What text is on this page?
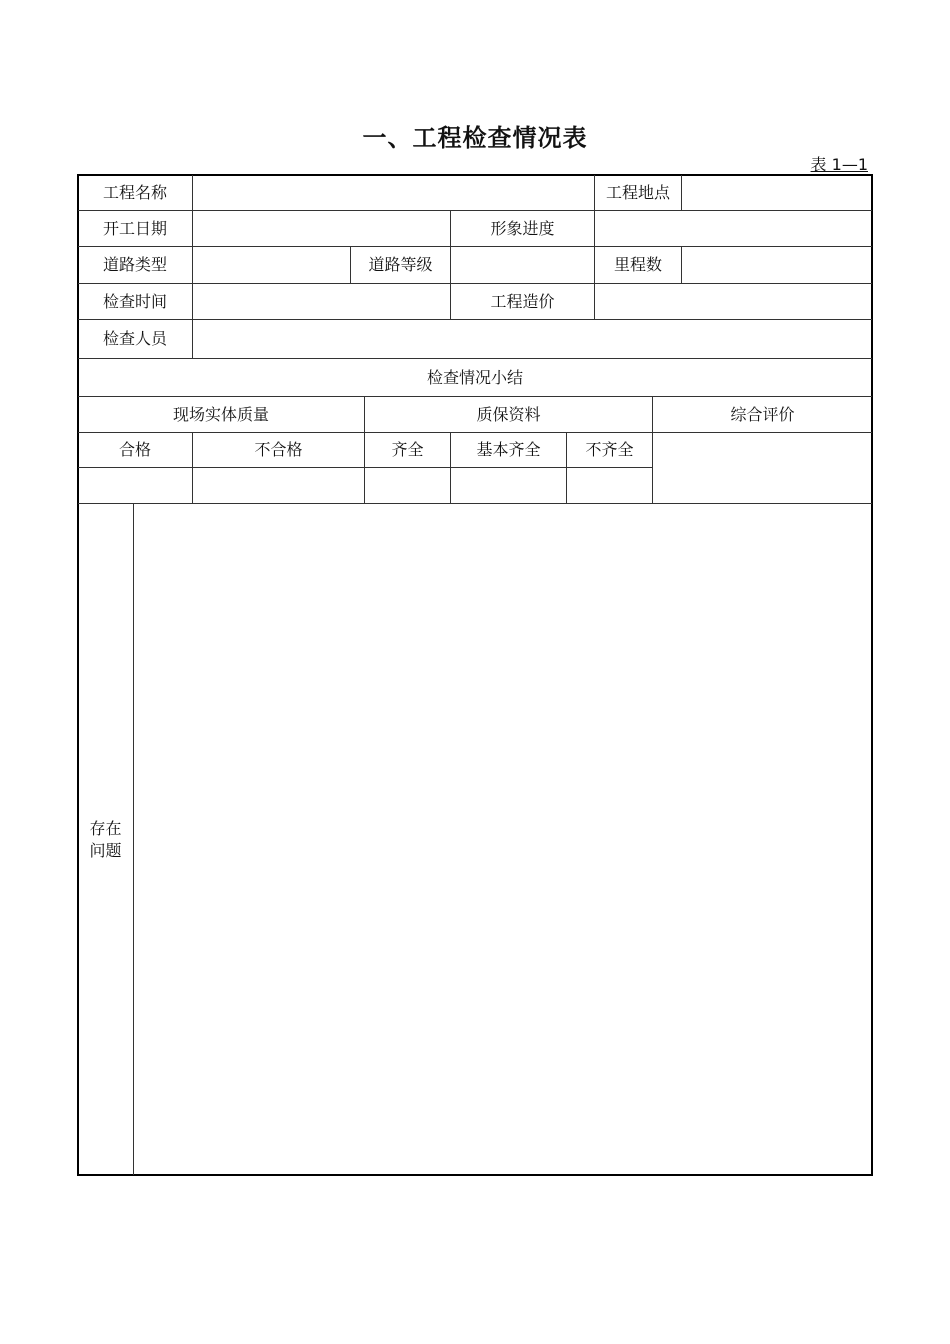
一、工程检查情况表
表 1—1
工程名称	工程地点
开工日期	形象进度
道路类型	道路等级	里程数
检查时间	工程造价
检查人员
检查情况小结
现场实体质量	质保资料	综合评价
合格	不合格	齐全	基本齐全	不齐全
存在
问题
